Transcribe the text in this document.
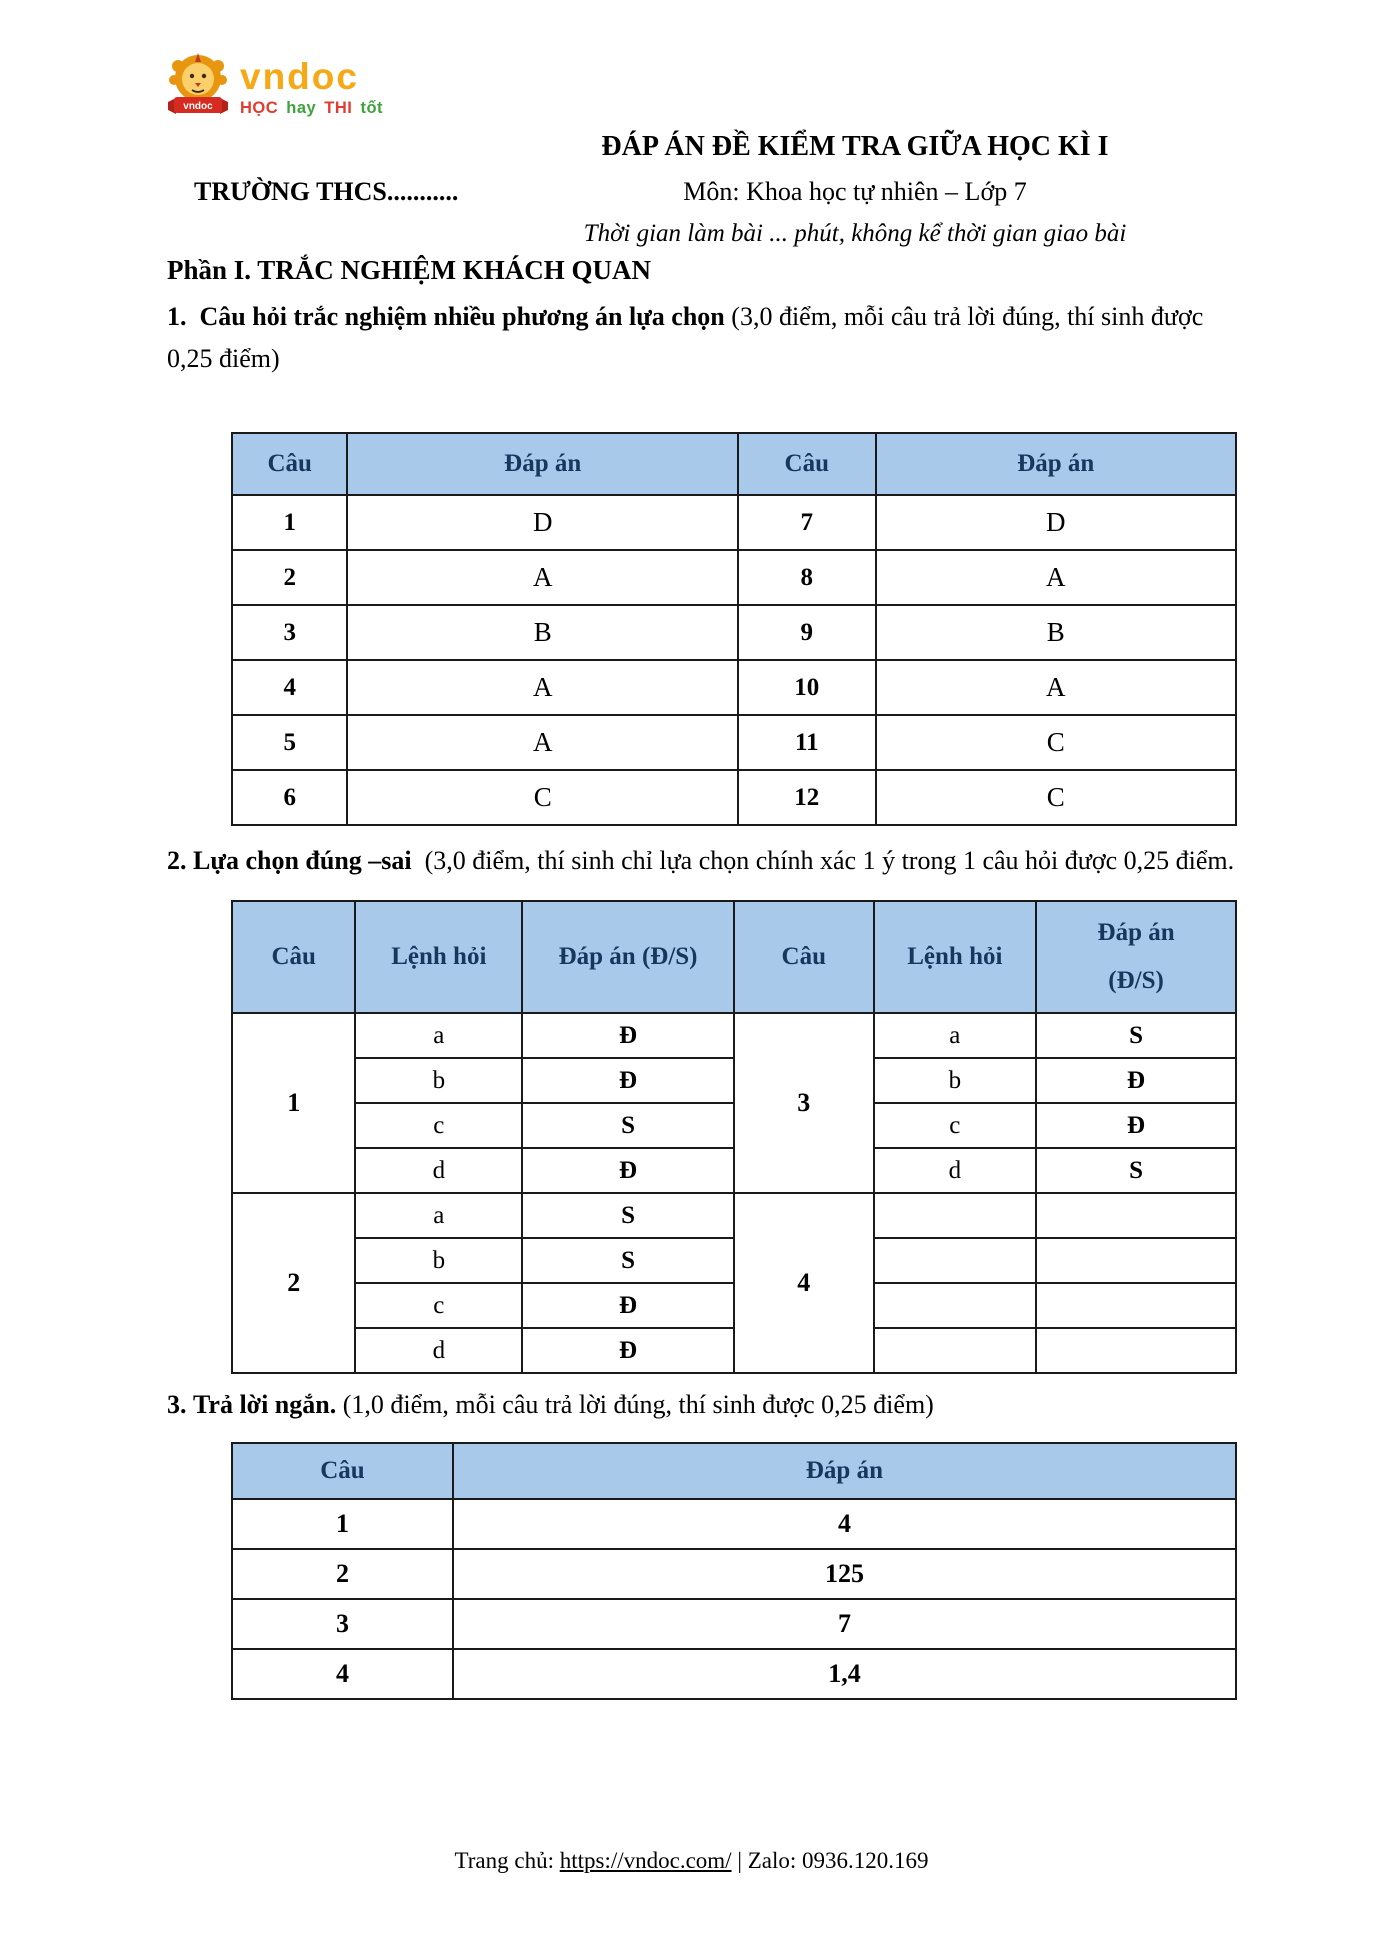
vndoc
vndoc
HỌC hay THI tốt
ĐÁP ÁN ĐỀ KIỂM TRA GIỮA HỌC KÌ I
TRƯỜNG THCS...........	Môn: Khoa học tự nhiên – Lớp 7
Thời gian làm bài ... phút, không kể thời gian giao bài
Phần I. TRẮC NGHIỆM KHÁCH QUAN

1. Câu hỏi trắc nghiệm nhiều phương án lựa chọn (3,0 điểm, mỗi câu trả lời đúng, thí sinh được 0,25 điểm)

Câu	Đáp án	Câu	Đáp án
1	D	7	D
2	A	8	A
3	B	9	B
4	A	10	A
5	A	11	C
6	C	12	C

2. Lựa chọn đúng –sai (3,0 điểm, thí sinh chỉ lựa chọn chính xác 1 ý trong 1 câu hỏi được 0,25 điểm.

Câu	Lệnh hỏi	Đáp án (Đ/S)	Câu	Lệnh hỏi	Đáp án
(Đ/S)

1	a	Đ	3	a	S
	b	Đ		b	Đ
	c	S		c	Đ
	d	Đ		d	S
2	a	S	4		
	b	S			
	c	Đ			
	d	Đ			

3. Trả lời ngắn. (1,0 điểm, mỗi câu trả lời đúng, thí sinh được 0,25 điểm)

Câu	Đáp án
1	4
2	125
3	7
4	1,4
Trang chủ: https://vndoc.com/ | Zalo: 0936.120.169
